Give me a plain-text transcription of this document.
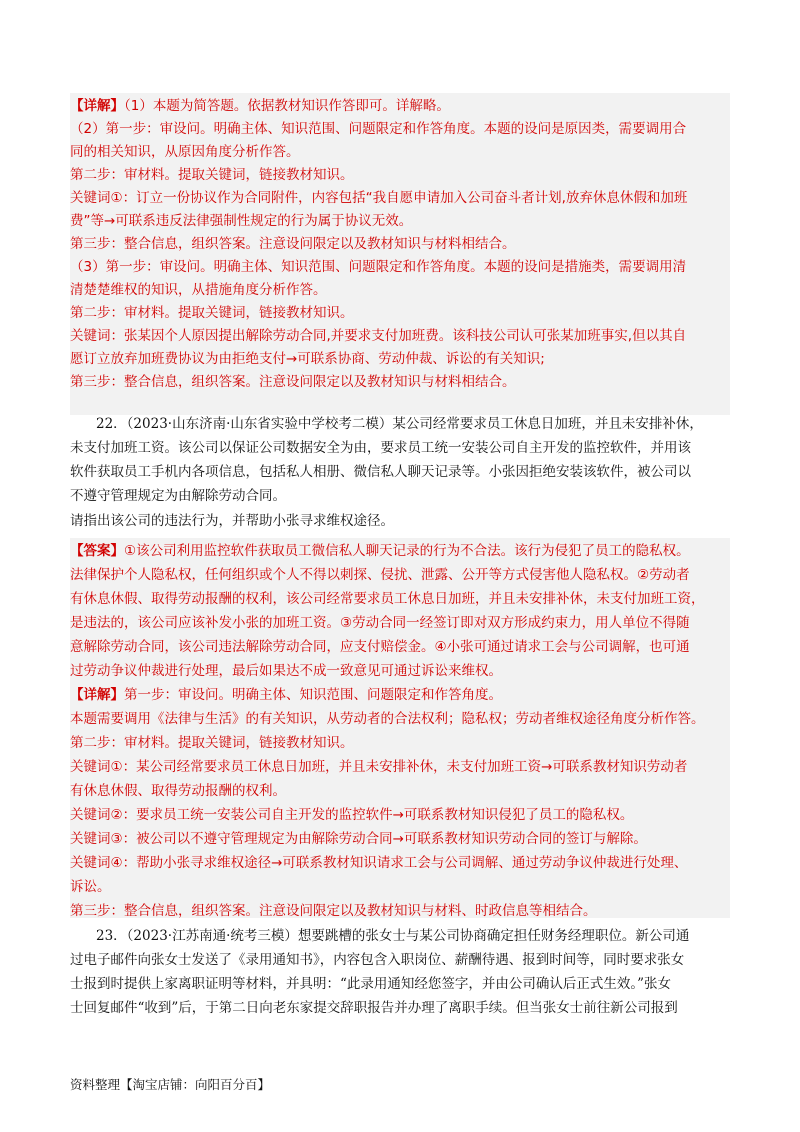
【详解】（1）本题为简答题。依据教材知识作答即可。详解略。
（2）第一步：审设问。明确主体、知识范围、问题限定和作答角度。本题的设问是原因类，需要调用合
同的相关知识，从原因角度分析作答。
第二步：审材料。提取关键词，链接教材知识。
关键词①：订立一份协议作为合同附件，内容包括“我自愿申请加入公司奋斗者计划,放弃休息休假和加班
费”等→可联系违反法律强制性规定的行为属于协议无效。
第三步：整合信息，组织答案。注意设问限定以及教材知识与材料相结合。
（3）第一步：审设问。明确主体、知识范围、问题限定和作答角度。本题的设问是措施类，需要调用清
清楚楚维权的知识，从措施角度分析作答。
第二步：审材料。提取关键词，链接教材知识。
关键词：张某因个人原因提出解除劳动合同,并要求支付加班费。该科技公司认可张某加班事实,但以其自
愿订立放弃加班费协议为由拒绝支付→可联系协商、劳动仲裁、诉讼的有关知识;
第三步：整合信息，组织答案。注意设问限定以及教材知识与材料相结合。
22．（2023·山东济南·山东省实验中学校考二模）某公司经常要求员工休息日加班，并且未安排补休，
未支付加班工资。该公司以保证公司数据安全为由，要求员工统一安装公司自主开发的监控软件，并用该
软件获取员工手机内各项信息，包括私人相册、微信私人聊天记录等。小张因拒绝安装该软件，被公司以
不遵守管理规定为由解除劳动合同。
请指出该公司的违法行为，并帮助小张寻求维权途径。
【答案】①该公司利用监控软件获取员工微信私人聊天记录的行为不合法。该行为侵犯了员工的隐私权。
法律保护个人隐私权，任何组织或个人不得以刺探、侵扰、泄露、公开等方式侵害他人隐私权。②劳动者
有休息休假、取得劳动报酬的权利，该公司经常要求员工休息日加班，并且未安排补休，未支付加班工资，
是违法的，该公司应该补发小张的加班工资。③劳动合同一经签订即对双方形成约束力，用人单位不得随
意解除劳动合同，该公司违法解除劳动合同，应支付赔偿金。④小张可通过请求工会与公司调解，也可通
过劳动争议仲裁进行处理，最后如果达不成一致意见可通过诉讼来维权。
【详解】第一步：审设问。明确主体、知识范围、问题限定和作答角度。
本题需要调用《法律与生活》的有关知识，从劳动者的合法权利；隐私权；劳动者维权途径角度分析作答。
第二步：审材料。提取关键词，链接教材知识。
关键词①：某公司经常要求员工休息日加班，并且未安排补休，未支付加班工资→可联系教材知识劳动者
有休息休假、取得劳动报酬的权利。
关键词②：要求员工统一安装公司自主开发的监控软件→可联系教材知识侵犯了员工的隐私权。
关键词③：被公司以不遵守管理规定为由解除劳动合同→可联系教材知识劳动合同的签订与解除。
关键词④：帮助小张寻求维权途径→可联系教材知识请求工会与公司调解、通过劳动争议仲裁进行处理、
诉讼。
第三步：整合信息，组织答案。注意设问限定以及教材知识与材料、时政信息等相结合。
23．（2023·江苏南通·统考三模）想要跳槽的张女士与某公司协商确定担任财务经理职位。新公司通
过电子邮件向张女士发送了《录用通知书》，内容包含入职岗位、薪酬待遇、报到时间等，同时要求张女
士报到时提供上家离职证明等材料，并具明：“此录用通知经您签字，并由公司确认后正式生效。”张女
士回复邮件“收到”后，于第二日向老东家提交辞职报告并办理了离职手续。但当张女士前往新公司报到
资料整理【淘宝店铺：向阳百分百】
